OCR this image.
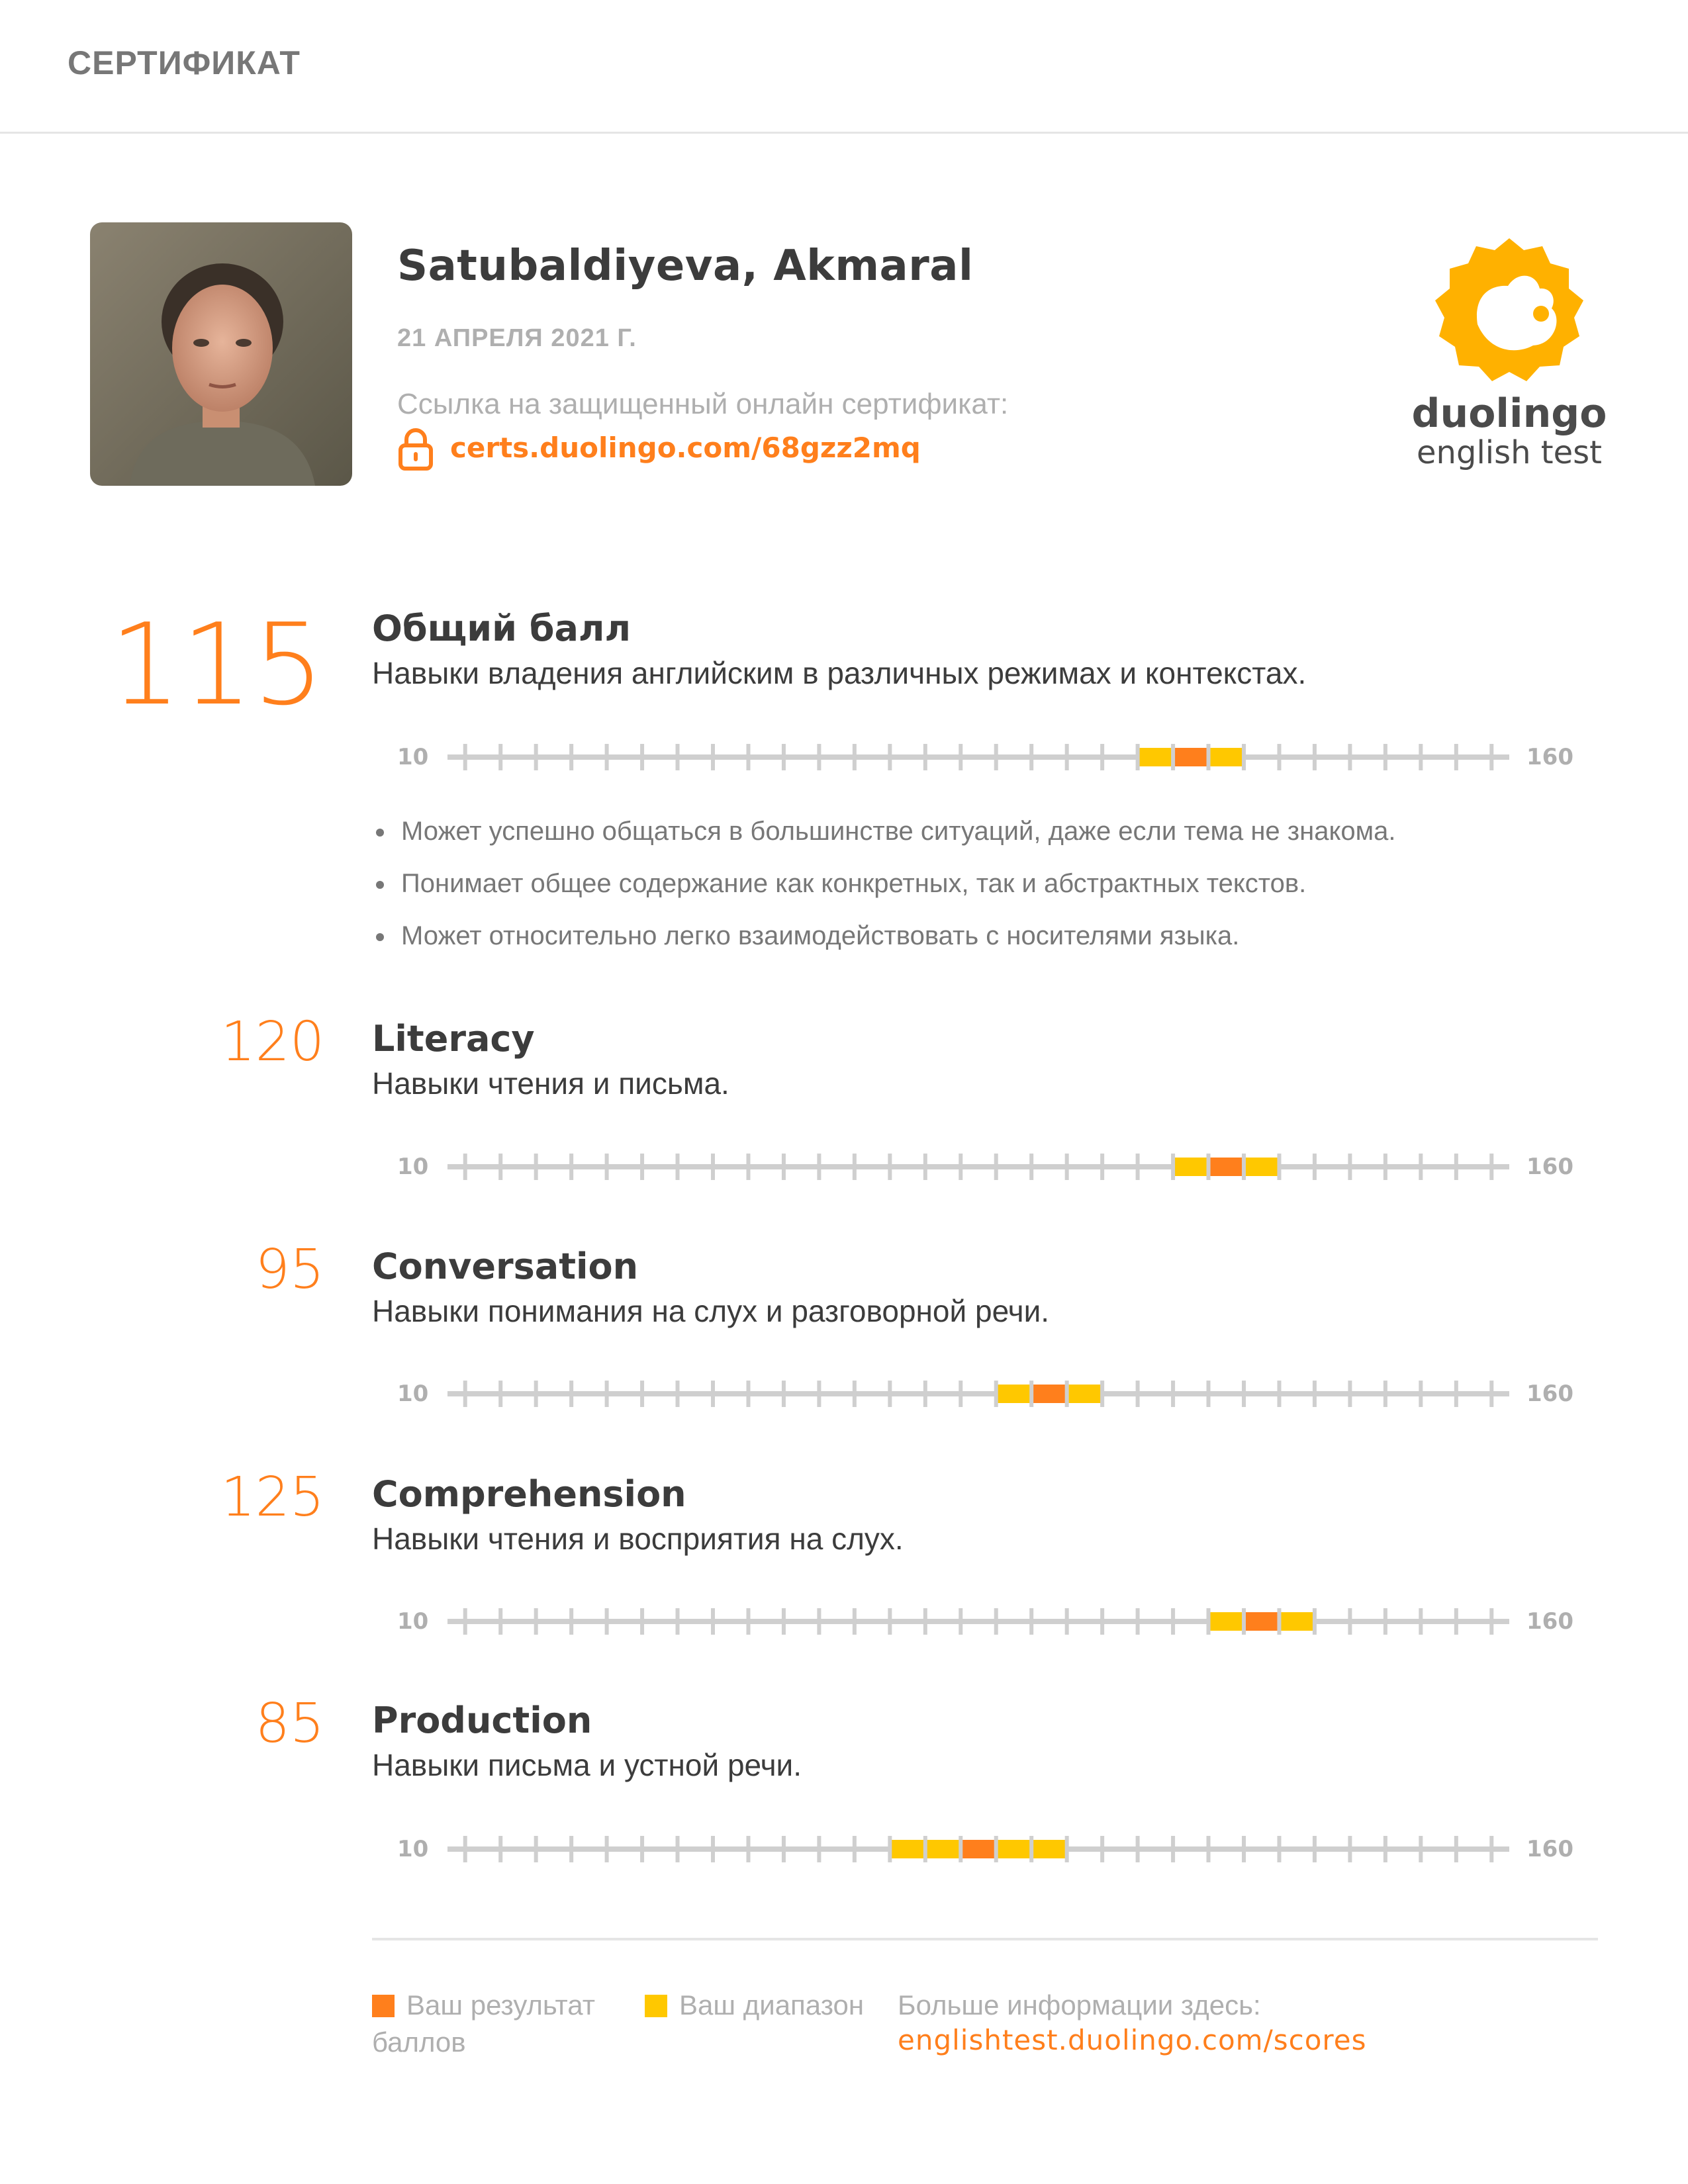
СЕРТИФИКАТ
Satubaldiyeva, Akmaral
21 АПРЕЛЯ 2021 Г.
Ссылка на защищенный онлайн сертификат:
certs.duolingo.com/68gzz2mq
duolingo
english test
115 Общий балл
Навыки владения английским в различных режимах и контекстах.
10	160
Может успешно общаться в большинстве ситуаций, даже если тема не знакома.
Понимает общее содержание как конкретных, так и абстрактных текстов.
Может относительно легко взаимодействовать с носителями языка.
120 Literacy
Навыки чтения и письма.
10	160
95 Conversation
Навыки понимания на слух и разговорной речи.
10	160
125 Comprehension
Навыки чтения и восприятия на слух.
10	160
85 Production
Навыки письма и устной речи.
10	160
Ваш результат
баллов
Ваш диапазон Больше информации здесь:
englishtest.duolingo.com/scores
